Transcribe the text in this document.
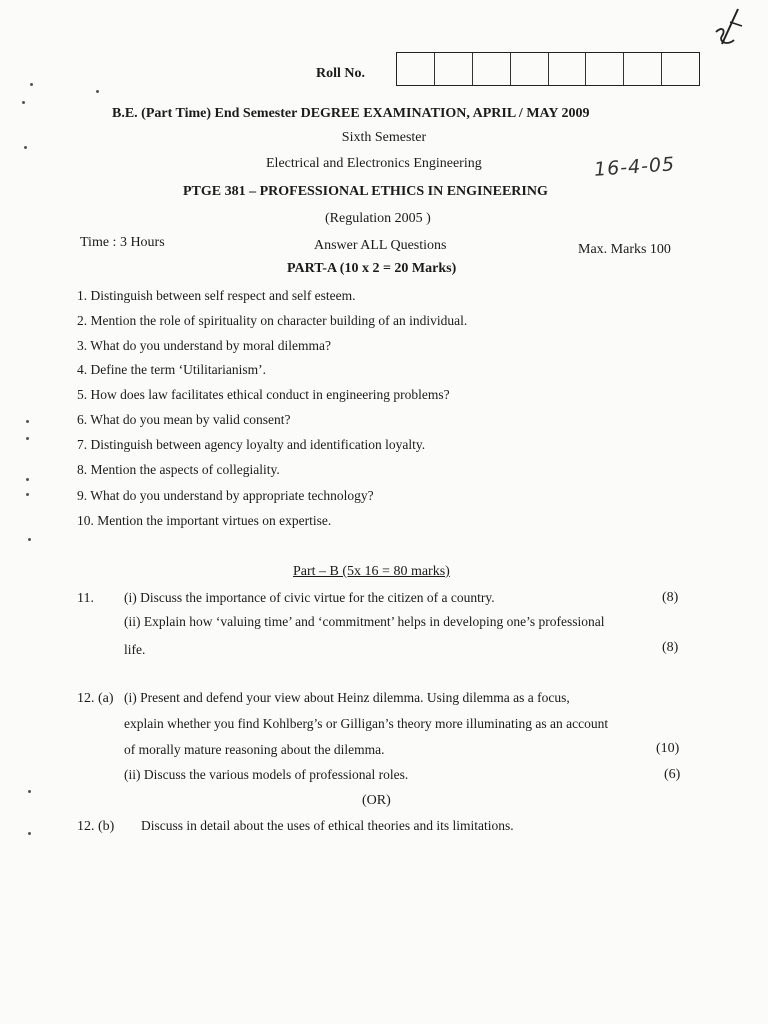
Roll No.
B.E. (Part Time) End Semester DEGREE EXAMINATION, APRIL / MAY 2009
Sixth Semester
Electrical and Electronics Engineering	16-4-05
PTGE 381 – PROFESSIONAL ETHICS IN ENGINEERING
(Regulation 2005 )
Time : 3 Hours	Answer ALL Questions	Max. Marks 100
PART-A (10 x 2 = 20 Marks)
1. Distinguish between self respect and self esteem.
2. Mention the role of spirituality on character building of an individual.
3. What do you understand by moral dilemma?
4. Define the term ‘Utilitarianism’.
5. How does law facilitates ethical conduct in engineering problems?
6. What do you mean by valid consent?
7. Distinguish between agency loyalty and identification loyalty.
8. Mention the aspects of collegiality.
9. What do you understand by appropriate technology?
10. Mention the important virtues on expertise.
Part – B (5x 16 = 80 marks)
11. (i) Discuss the importance of civic virtue for the citizen of a country.	(8)
(ii) Explain how ‘valuing time’ and ‘commitment’ helps in developing one’s professional
life.	(8)
12. (a) (i) Present and defend your view about Heinz dilemma. Using dilemma as a focus,
explain whether you find Kohlberg’s or Gilligan’s theory more illuminating as an account
of morally mature reasoning about the dilemma.	(10)
(ii) Discuss the various models of professional roles.	(6)
(OR)
12. (b) Discuss in detail about the uses of ethical theories and its limitations.
